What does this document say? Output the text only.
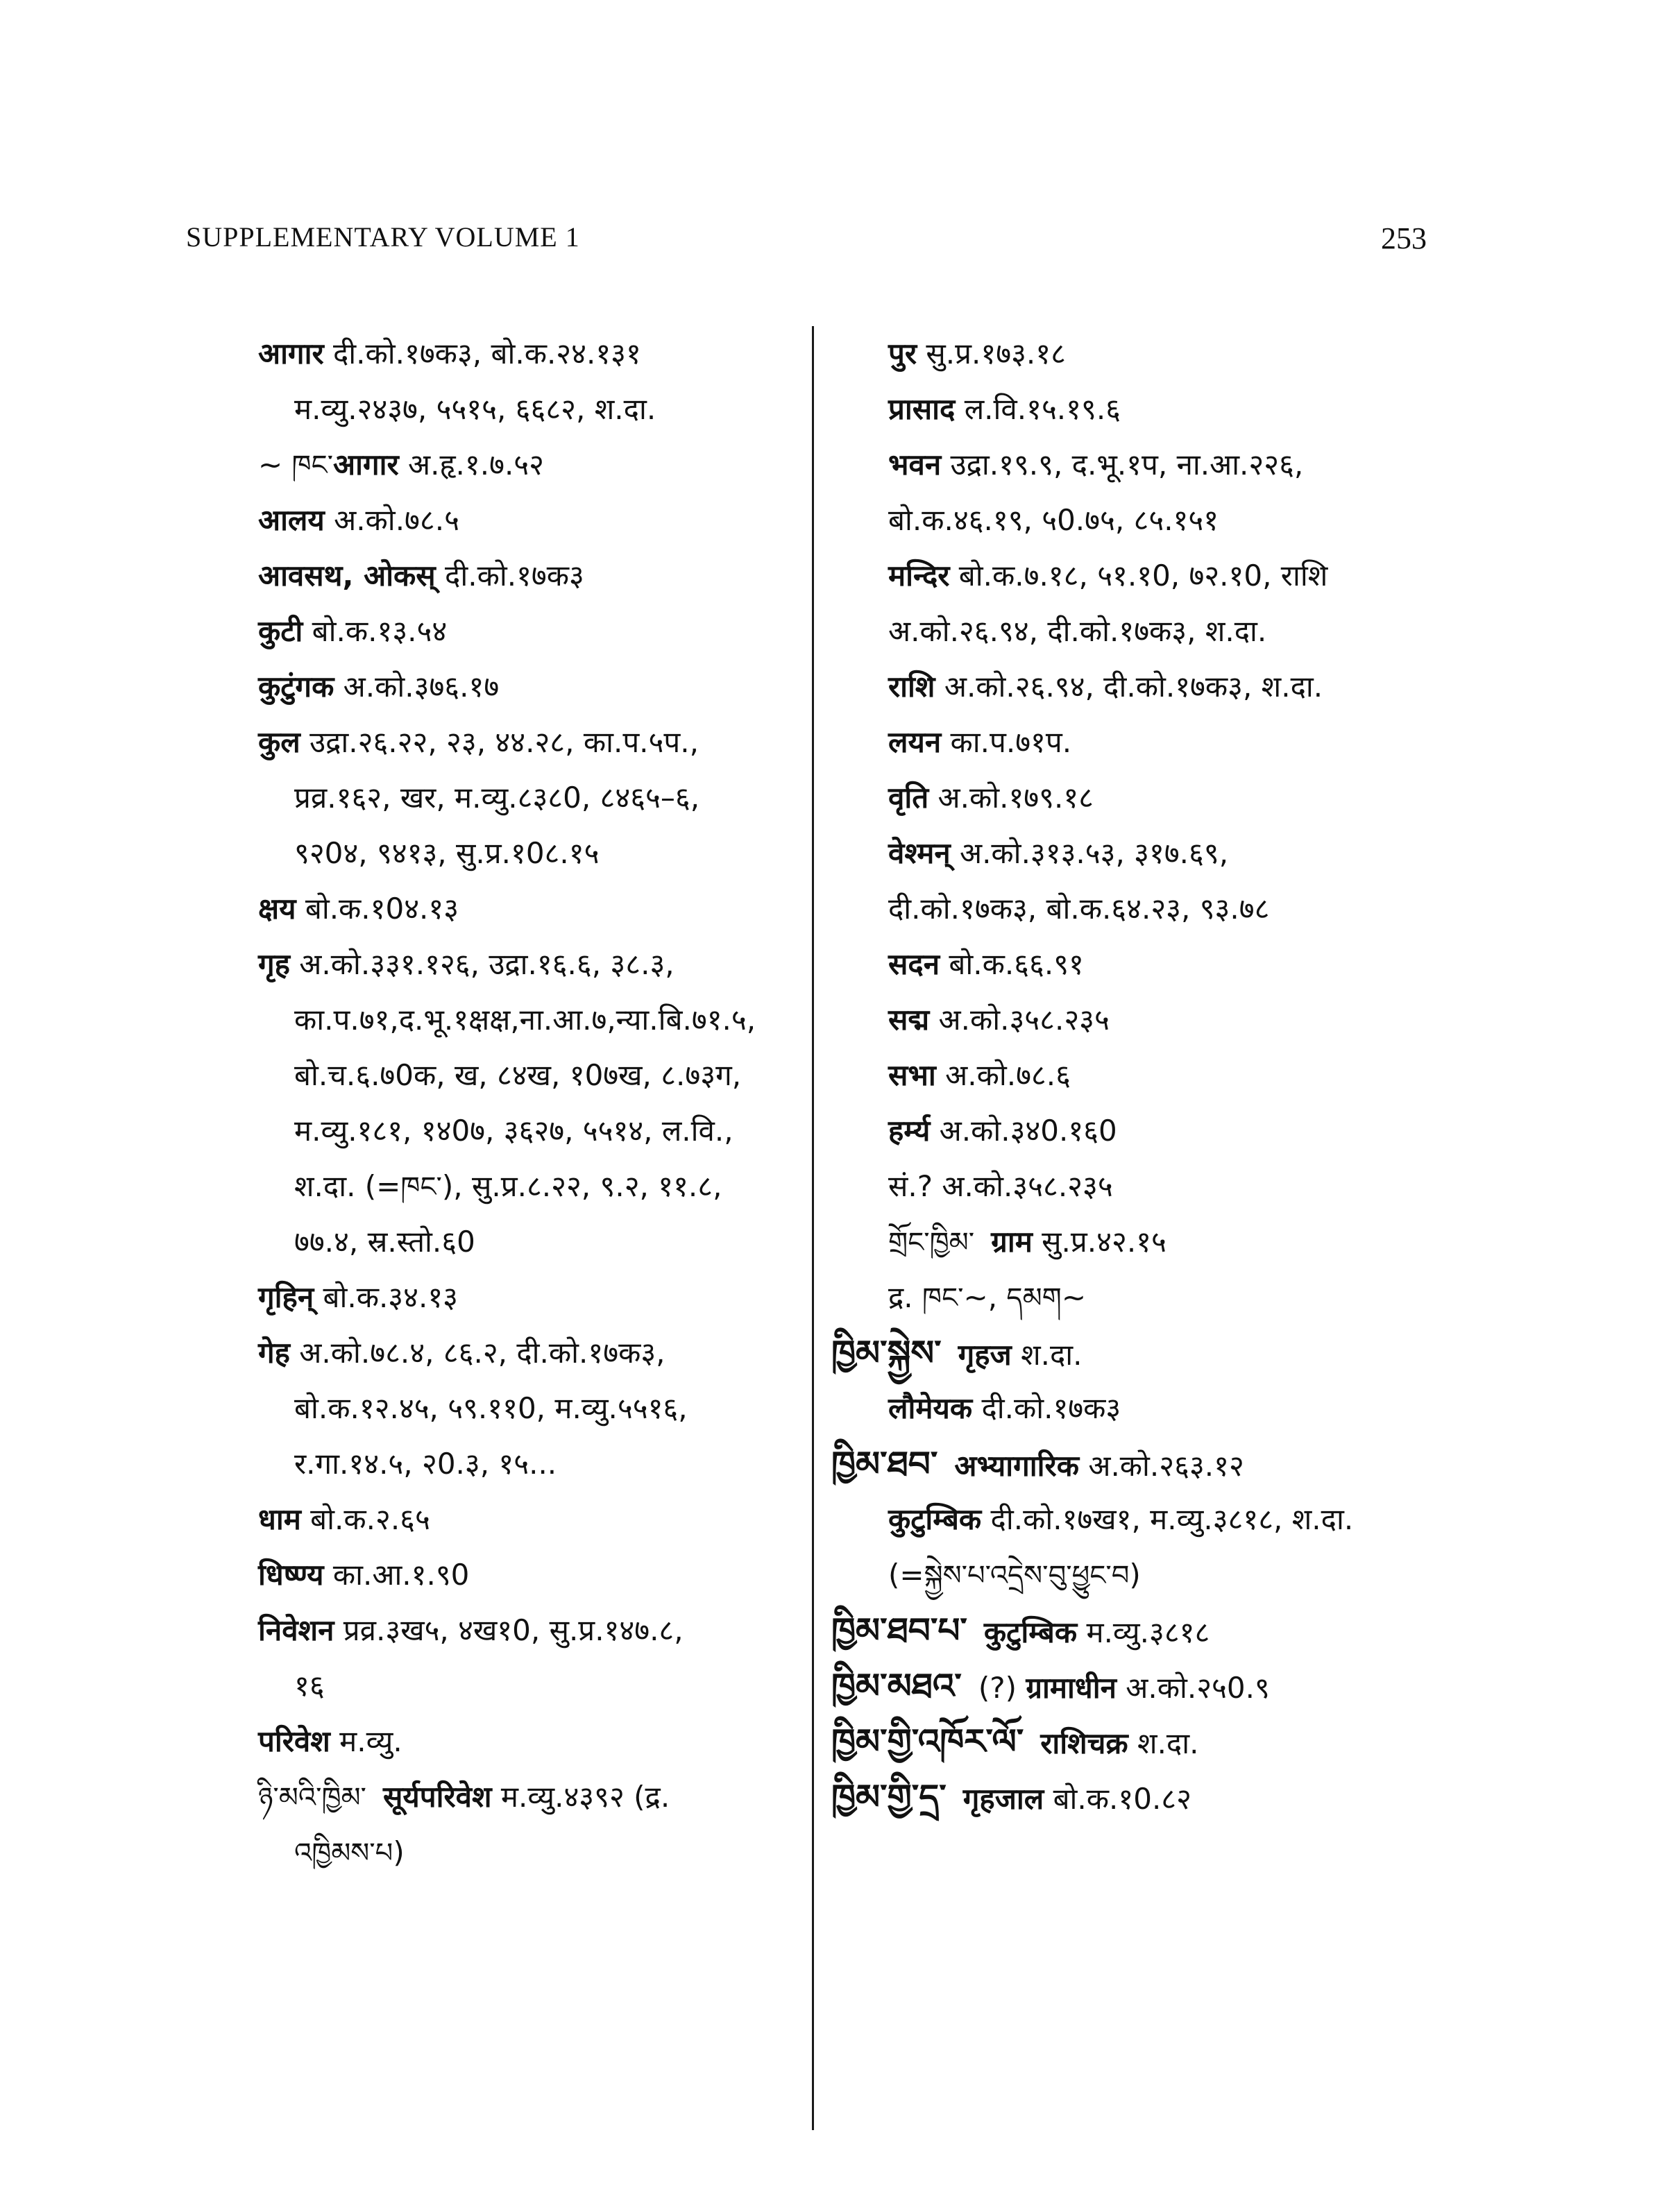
SUPPLEMENTARY VOLUME 1	253
आगार दी.को.१७क३, बो.क.२४.१३१
म.व्यु.२४३७, ५५१५, ६६८२, श.दा.
~ ཁང་आगार अ.हृ.१.७.५२
आलय अ.को.७८.५
आवसथ, ओकस् दी.को.१७क३
कुटी बो.क.१३.५४
कुटुंगक अ.को.३७६.१७
कुल उद्रा.२६.२२, २३, ४४.२८, का.प.५प.,
प्रव्र.१६२, खर, म.व्यु.८३८0, ८४६५–६,
९२0४, ९४१३, सु.प्र.१0८.१५
क्षय बो.क.१0४.१३
गृह अ.को.३३१.१२६, उद्रा.१६.६, ३८.३,
का.प.७१,द.भू.१क्षक्ष,ना.आ.७,न्या.बि.७१.५,
बो.च.६.७0क, ख, ८४ख, १0७ख, ८.७३ग,
म.व्यु.१८१, १४0७, ३६२७, ५५१४, ल.वि.,
श.दा. (=ཁང་), सु.प्र.८.२२, ९.२, ११.८,
७७.४, स्र.स्तो.६0
गृहिन् बो.क.३४.१३
गेह अ.को.७८.४, ८६.२, दी.को.१७क३,
बो.क.१२.४५, ५९.११0, म.व्यु.५५१६,
र.गा.१४.५, २0.३, १५...
धाम बो.क.२.६५
धिष्ण्य का.आ.१.९0
निवेशन प्रव्र.३ख५, ४ख१0, सु.प्र.१४७.८,
१६
परिवेश म.व्यु.
ཉི་མའི་ཁྱིམ་ सूर्यपरिवेश म.व्यु.४३९२ (द्र.
འཁྱིམས་པ)
पुर सु.प्र.१७३.१८
प्रासाद ल.वि.१५.१९.६
भवन उद्रा.१९.९, द.भू.१प, ना.आ.२२६,
बो.क.४६.१९, ५0.७५, ८५.१५१
मन्दिर बो.क.७.१८, ५१.१0, ७२.१0, राशि
अ.को.२६.९४, दी.को.१७क३, श.दा.
राशि अ.को.२६.९४, दी.को.१७क३, श.दा.
लयन का.प.७१प.
वृति अ.को.१७९.१८
वेश्मन् अ.को.३१३.५३, ३१७.६९,
दी.को.१७क३, बो.क.६४.२३, ९३.७८
सदन बो.क.६६.९१
सद्म अ.को.३५८.२३५
सभा अ.को.७८.६
हर्म्य अ.को.३४0.१६0
सं.? अ.को.३५८.२३५
གྲོང་ཁྱིམ་ ग्राम सु.प्र.४२.१५
द्र. ཁང་~, དམག~
ཁྱིམ་སྐྱེས་ गृहज श.दा.
लौमेयक दी.को.१७क३
ཁྱིམ་ཐབ་ अभ्यागारिक अ.को.२६३.१२
कुटुम्बिक दी.को.१७ख१, म.व्यु.३८१८, श.दा.
(=སྐྱེས་པ་འདྲེས་བུ་ཕྱུང་བ)
ཁྱིམ་ཐབ་པ་ कुटुम्बिक म.व्यु.३८१८
ཁྱིམ་མཐའ་ (?) ग्रामाधीन अ.को.२५0.९
ཁྱིམ་གྱི་འཁོར་ལོ་ राशिचक्र श.दा.
ཁྱིམ་གྱི་དྲ་ गृहजाल बो.क.१0.८२
